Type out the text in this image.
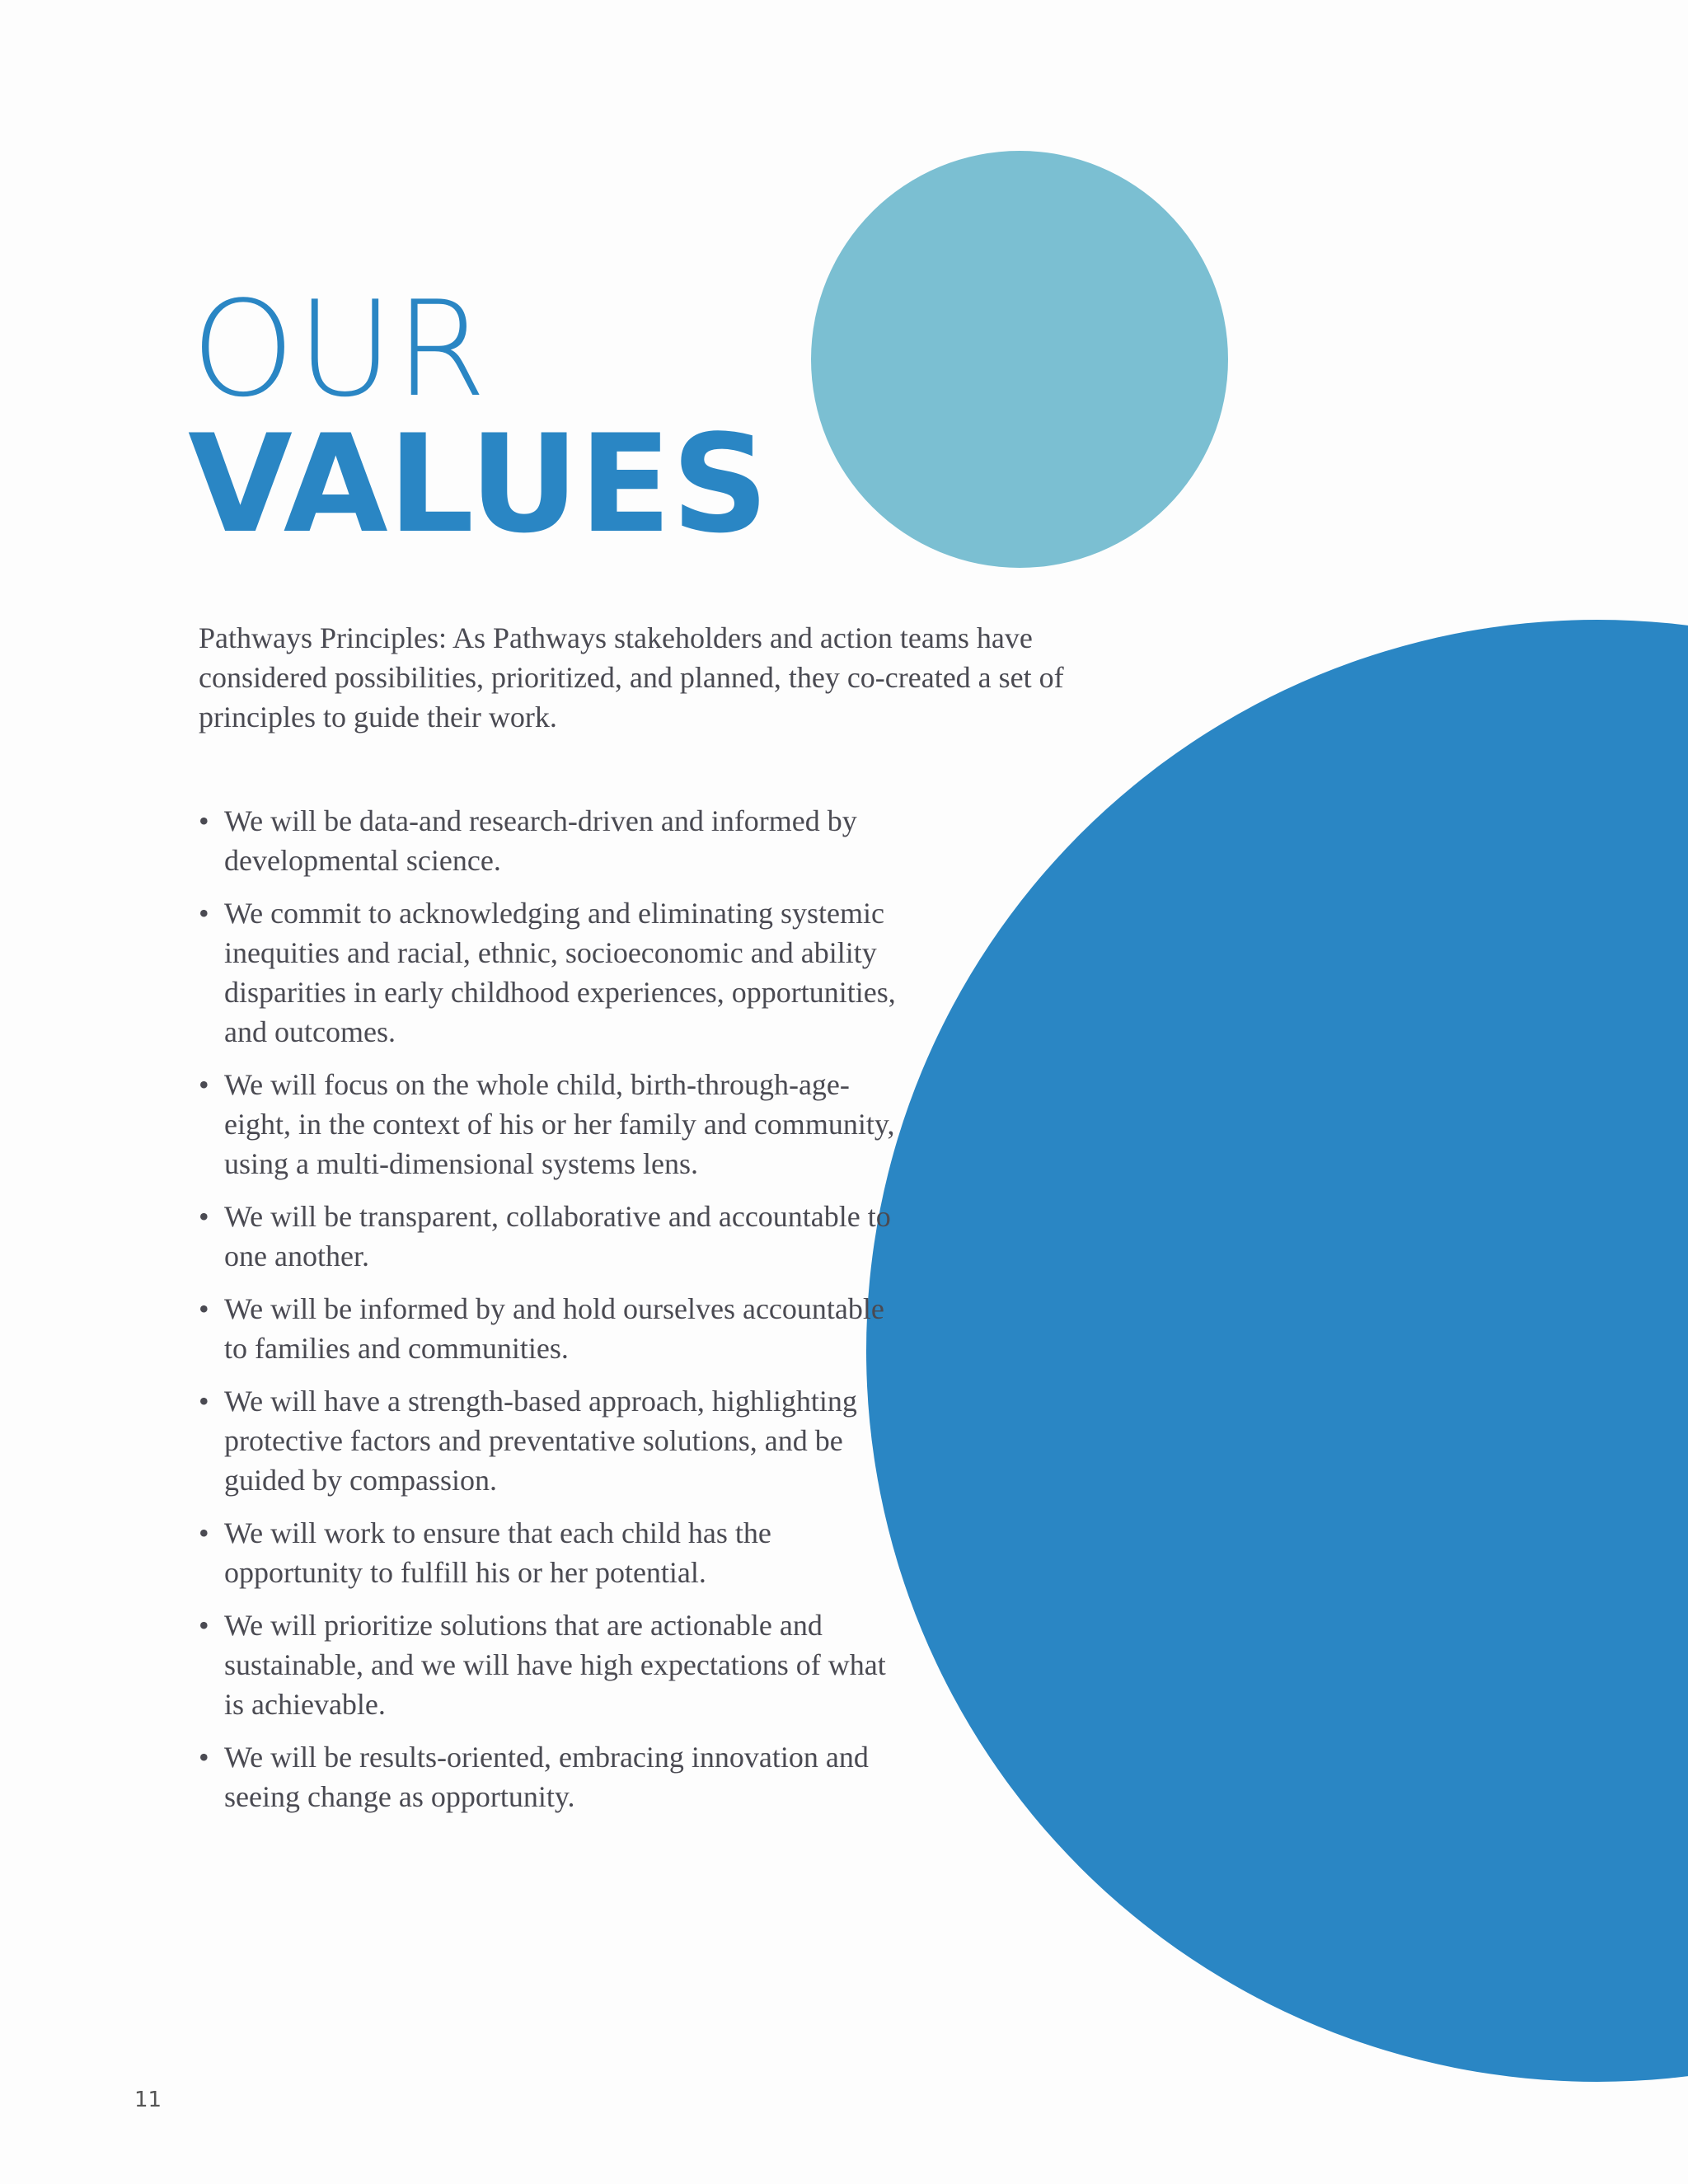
OUR
VALUES

Pathways Principles: As Pathways stakeholders and action teams have considered possibilities, prioritized, and planned, they co-created a set of principles to guide their work.

• We will be data-and research-driven and informed by developmental science.
• We commit to acknowledging and eliminating systemic inequities and racial, ethnic, socioeconomic and ability disparities in early childhood experiences, opportunities, and outcomes.
• We will focus on the whole child, birth-through-age-eight, in the context of his or her family and community, using a multi-dimensional systems lens.
• We will be transparent, collaborative and accountable to one another.
• We will be informed by and hold ourselves accountable to families and communities.
• We will have a strength-based approach, highlighting protective factors and preventative solutions, and be guided by compassion.
• We will work to ensure that each child has the opportunity to fulfill his or her potential.
• We will prioritize solutions that are actionable and sustainable, and we will have high expectations of what is achievable.
• We will be results-oriented, embracing innovation and seeing change as opportunity.
11
